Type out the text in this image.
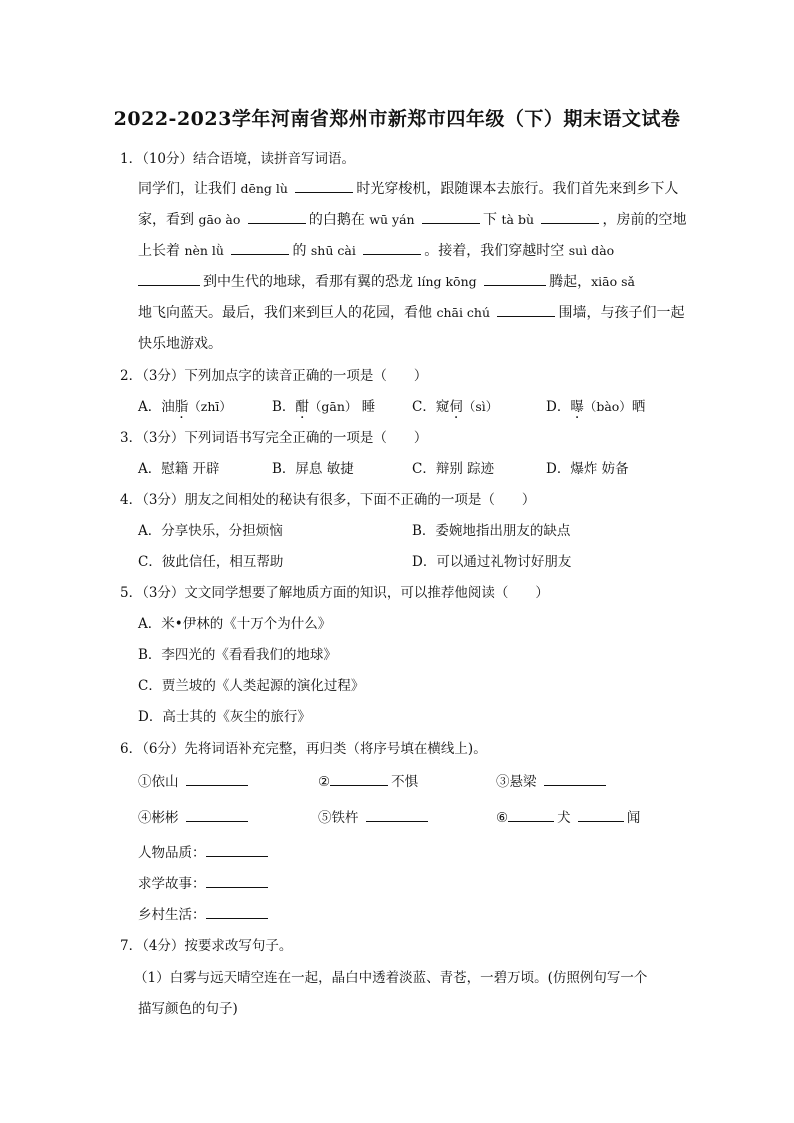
2022-2023学年河南省郑州市新郑市四年级（下）期末语文试卷
1．（10分）结合语境，读拼音写词语。
同学们，让我们 dēng lù	时光穿梭机，跟随课本去旅行。我们首先来到乡下人
家，看到 gāo ào	的白鹅在 wū yán	下 tà bù	，房前的空地
上长着 nèn lǜ	的 shū cài	。接着，我们穿越时空 suì dào
到中生代的地球，看那有翼的恐龙 líng kōng	腾起，xiāo sǎ
地飞向蓝天。最后，我们来到巨人的花园，看他 chāi chú	围墙，与孩子们一起
快乐地游戏。
2．（3分）下列加点字的读音正确的一项是（　　）
A．油脂（zhī）	B．酣（gān） 睡	C．窥伺（sì）	D．曝（bào）晒
3．（3分）下列词语书写完全正确的一项是（　　）
A．慰籍 开辟	B．屏息 敏捷	C．辩别 踪迹	D．爆炸 妨备
4．（3分）朋友之间相处的秘诀有很多，下面不正确的一项是（　　）
A．分享快乐，分担烦恼	B．委婉地指出朋友的缺点
C．彼此信任，相互帮助	D．可以通过礼物讨好朋友
5．（3分）文文同学想要了解地质方面的知识，可以推荐他阅读（　　）
A．米•伊林的《十万个为什么》
B．李四光的《看看我们的地球》
C．贾兰坡的《人类起源的演化过程》
D．高士其的《灰尘的旅行》
6．（6分）先将词语补充完整，再归类（将序号填在横线上)。
①依山	②	不惧	③悬梁
④彬彬	⑤铁杵	⑥	犬	闻
人物品质：
求学故事：
乡村生活：
7．（4分）按要求改写句子。
（1）白雾与远天晴空连在一起，晶白中透着淡蓝、青苍，一碧万顷。(仿照例句写一个
描写颜色的句子)
